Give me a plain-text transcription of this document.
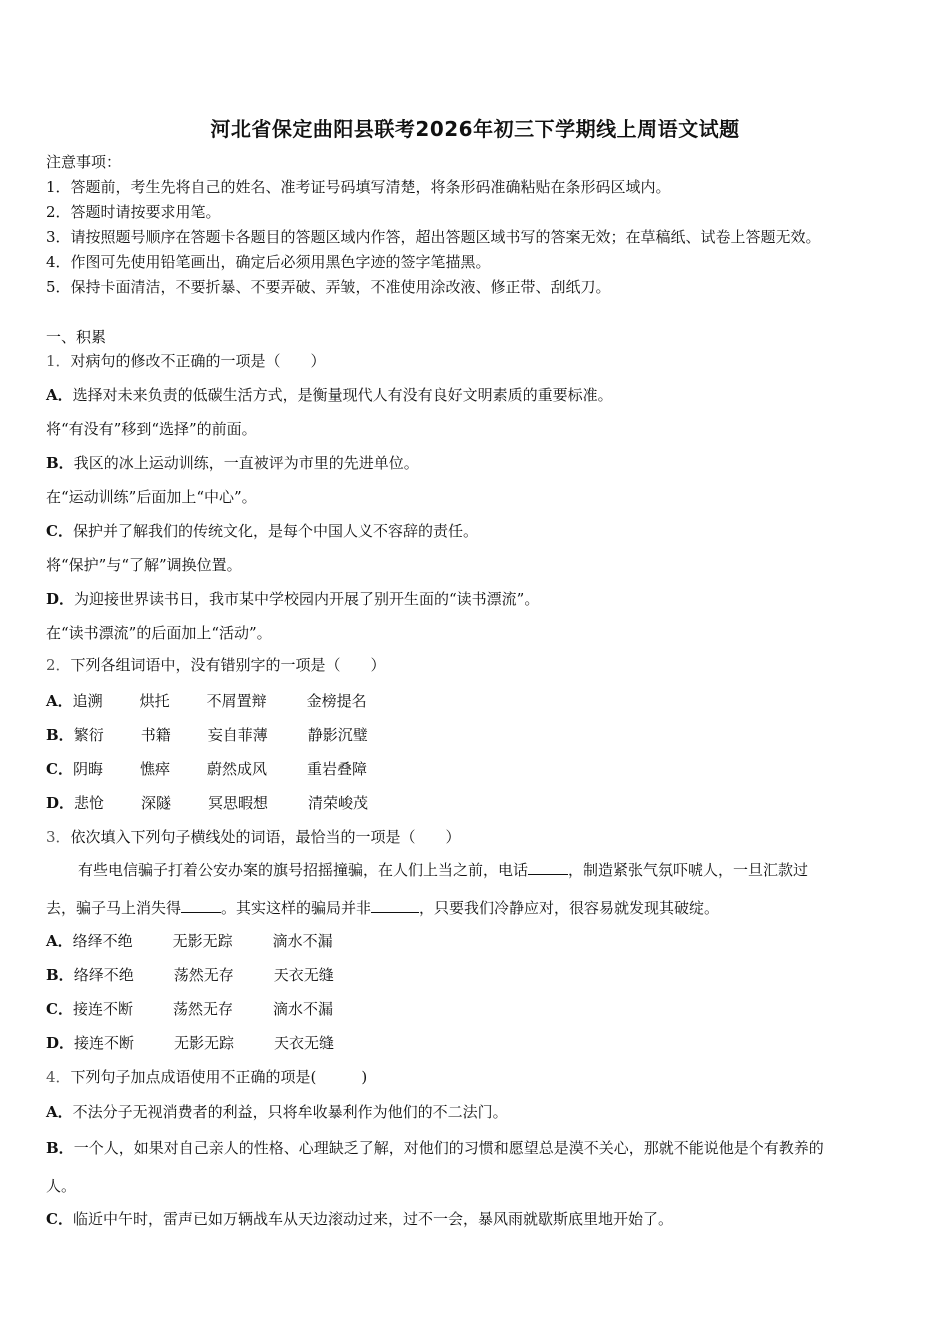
河北省保定曲阳县联考2026年初三下学期线上周语文试题
注意事项：
1．答题前，考生先将自己的姓名、准考证号码填写清楚，将条形码准确粘贴在条形码区域内。
2．答题时请按要求用笔。
3．请按照题号顺序在答题卡各题目的答题区域内作答，超出答题区域书写的答案无效；在草稿纸、试卷上答题无效。
4．作图可先使用铅笔画出，确定后必须用黑色字迹的签字笔描黑。
5．保持卡面清洁，不要折暴、不要弄破、弄皱，不准使用涂改液、修正带、刮纸刀。
一、积累
1．对病句的修改不正确的一项是（　　）
A．选择对未来负责的低碳生活方式，是衡量现代人有没有良好文明素质的重要标准。
将“有没有”移到“选择”的前面。
B．我区的冰上运动训练，一直被评为市里的先进单位。
在“运动训练”后面加上“中心”。
C．保护并了解我们的传统文化，是每个中国人义不容辞的责任。
将“保护”与“了解”调换位置。
D．为迎接世界读书日，我市某中学校园内开展了别开生面的“读书漂流”。
在“读书漂流”的后面加上“活动”。
2．下列各组词语中，没有错别字的一项是（　　）
A．追溯 烘托 不屑置辩	金榜提名
B．繁衍 书籍 妄自菲薄	静影沉璧
C．阴晦 憔瘁 蔚然成风	重岩叠障
D．悲怆 深隧 冥思暇想	清荣峻茂
3．依次填入下列句子横线处的词语，最恰当的一项是（　　）
有些电信骗子打着公安办案的旗号招摇撞骗，在人们上当之前，电话	，制造紧张气氛吓唬人，一旦汇款过
去，骗子马上消失得	。其实这样的骗局并非	，只要我们冷静应对，很容易就发现其破绽。
A．络绎不绝	无影无踪	滴水不漏
B．络绎不绝	荡然无存	天衣无缝
C．接连不断	荡然无存	滴水不漏
D．接连不断	无影无踪	天衣无缝
4．下列句子加点成语使用不正确的项是(　　　)
A．不法分子无视消费者的利益，只将牟收暴利作为他们的不二法门。
B．一个人，如果对自己亲人的性格、心理缺乏了解，对他们的习惯和愿望总是漠不关心，那就不能说他是个有教养的
人。
C．临近中午时，雷声已如万辆战车从天边滚动过来，过不一会，暴风雨就歇斯底里地开始了。
